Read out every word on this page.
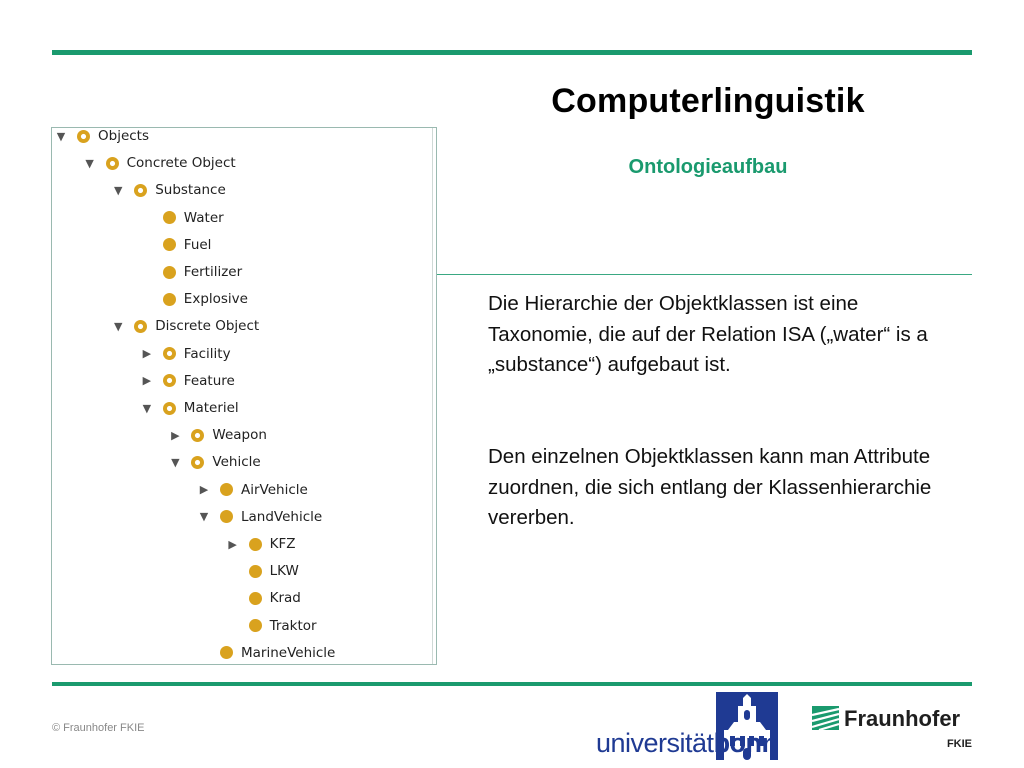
Computerlinguistik
Ontologieaufbau
▼ Objects
▼ Concrete Object
▼ Substance
Water
Fuel
Fertilizer
Explosive
▼ Discrete Object
▶ Facility
▶ Feature
▼ Materiel
▶ Weapon
▼ Vehicle
▶ AirVehicle
▼ LandVehicle
▶ KFZ
LKW
Krad
Traktor
MarineVehicle
Die Hierarchie der Objektklassen ist eine Taxonomie, die auf der Relation ISA („water“ is a „substance“) aufgebaut ist.
Den einzelnen Objektklassen kann man Attribute zuordnen, die sich entlang der Klassenhierarchie vererben.
© Fraunhofer FKIE	universitätbonn
Fraunhofer
FKIE
